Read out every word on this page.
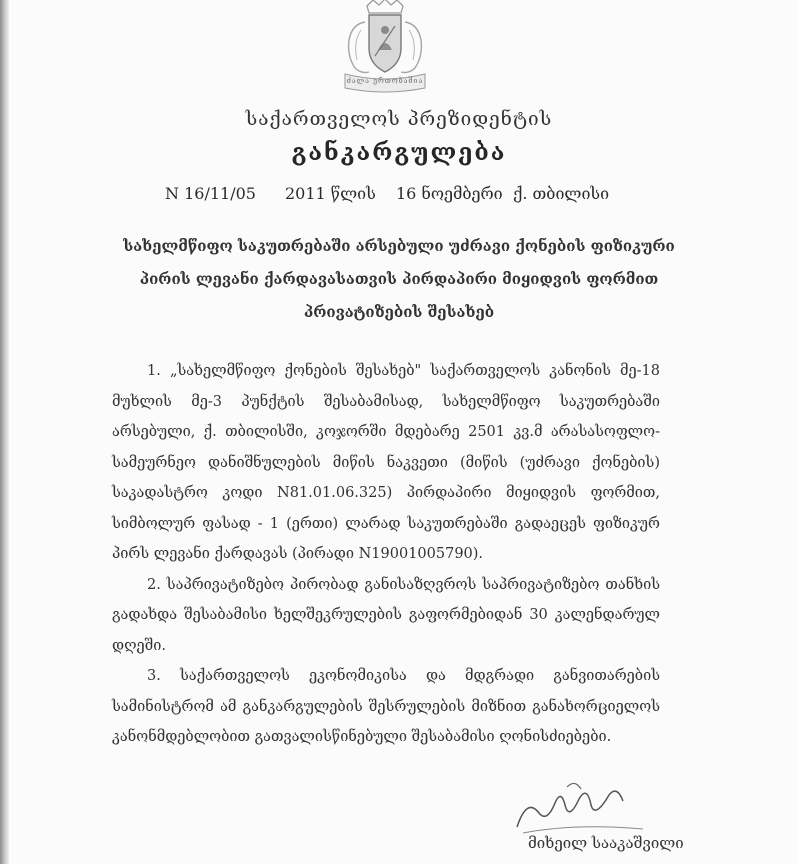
ძალა ერთობაშია
საქართველოს პრეზიდენტის
განკარგულება
N 16/11/05 2011 წლის 16 ნოემბერი ქ. თბილისი
სახელმწიფო საკუთრებაში არსებული უძრავი ქონების ფიზიკური პირის ლევანი ქარდავასათვის პირდაპირი მიყიდვის ფორმით პრივატიზების შესახებ

1. „სახელმწიფო ქონების შესახებ" საქართველოს კანონის მე-18 მუხლის მე-3 პუნქტის შესაბამისად, სახელმწიფო საკუთრებაში არსებული, ქ. თბილისში, კოჯორში მდებარე 2501 კვ.მ არასასოფლო-სამეურნეო დანიშნულების მიწის ნაკვეთი (მიწის (უძრავი ქონების) საკადასტრო კოდი N81.01.06.325) პირდაპირი მიყიდვის ფორმით, სიმბოლურ ფასად - 1 (ერთი) ლარად საკუთრებაში გადაეცეს ფიზიკურ პირს ლევანი ქარდავას (პირადი N19001005790).

2. საპრივატიზებო პირობად განისაზღვროს საპრივატიზებო თანხის გადახდა შესაბამისი ხელშეკრულების გაფორმებიდან 30 კალენდარულ დღეში.

3. საქართველოს ეკონომიკისა და მდგრადი განვითარების სამინისტრომ ამ განკარგულების შესრულების მიზნით განახორციელოს კანონმდებლობით გათვალისწინებული შესაბამისი ღონისძიებები.

მიხეილ სააკაშვილი
